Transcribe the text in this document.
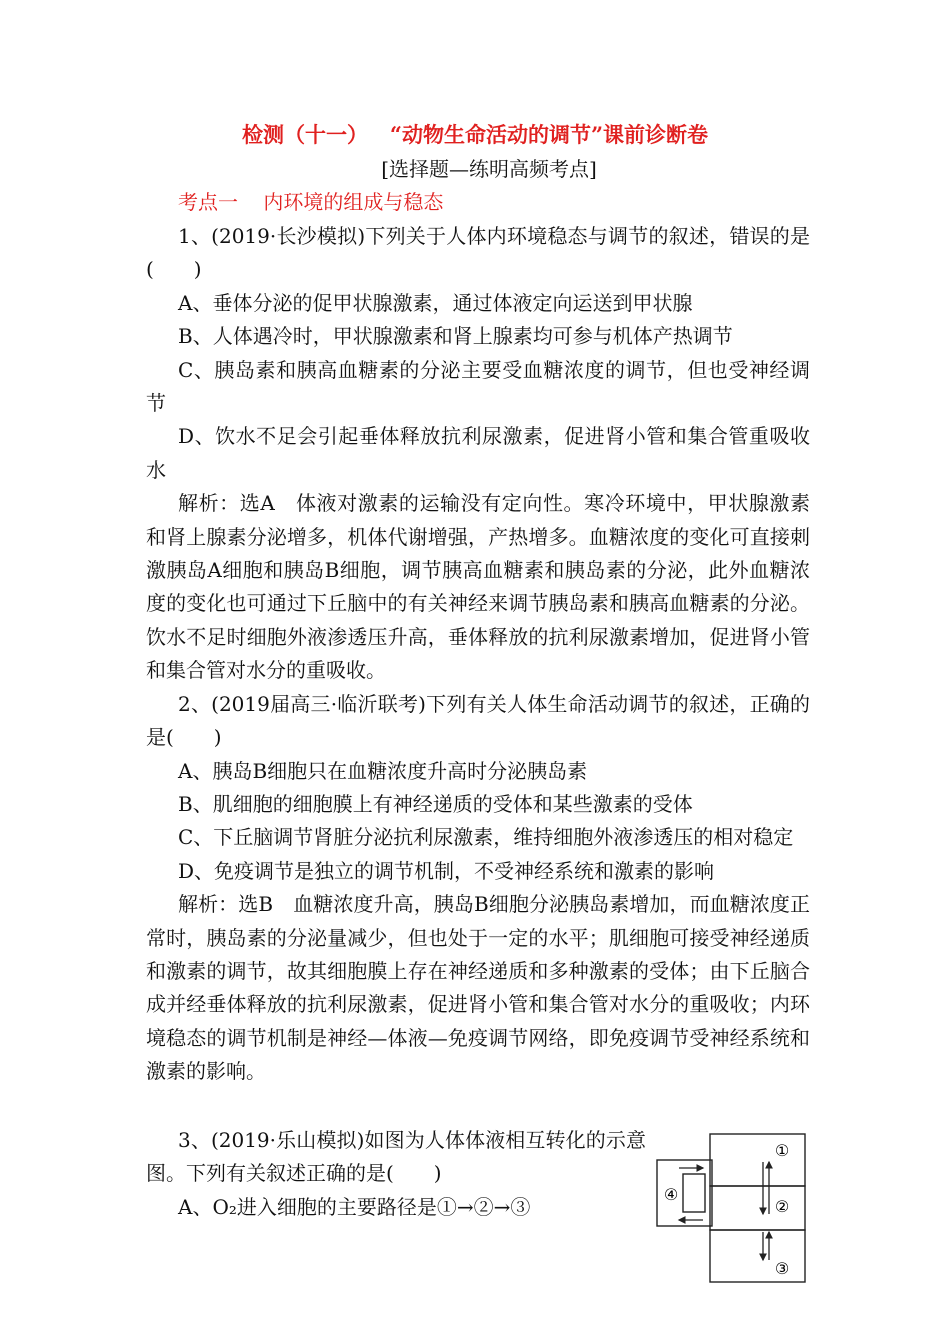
检测（十一）   “动物生命活动的调节”课前诊断卷
[选择题—练明高频考点]
考点一    内环境的组成与稳态

1、(2019·长沙模拟)下列关于人体内环境稳态与调节的叙述，错误的是(　　)

A、垂体分泌的促甲状腺激素，通过体液定向运送到甲状腺

B、人体遇冷时，甲状腺激素和肾上腺素均可参与机体产热调节

C、胰岛素和胰高血糖素的分泌主要受血糖浓度的调节，但也受神经调节

D、饮水不足会引起垂体释放抗利尿激素，促进肾小管和集合管重吸收水

解析：选A　体液对激素的运输没有定向性。寒冷环境中，甲状腺激素和肾上腺素分泌增多，机体代谢增强，产热增多。血糖浓度的变化可直接刺激胰岛A细胞和胰岛B细胞，调节胰高血糖素和胰岛素的分泌，此外血糖浓度的变化也可通过下丘脑中的有关神经来调节胰岛素和胰高血糖素的分泌。饮水不足时细胞外液渗透压升高，垂体释放的抗利尿激素增加，促进肾小管和集合管对水分的重吸收。

2、(2019届高三·临沂联考)下列有关人体生命活动调节的叙述，正确的是(　　)

A、胰岛B细胞只在血糖浓度升高时分泌胰岛素

B、肌细胞的细胞膜上有神经递质的受体和某些激素的受体

C、下丘脑调节肾脏分泌抗利尿激素，维持细胞外液渗透压的相对稳定

D、免疫调节是独立的调节机制，不受神经系统和激素的影响

解析：选B　血糖浓度升高，胰岛B细胞分泌胰岛素增加，而血糖浓度正常时，胰岛素的分泌量减少，但也处于一定的水平；肌细胞可接受神经递质和激素的调节，故其细胞膜上存在神经递质和多种激素的受体；由下丘脑合成并经垂体释放的抗利尿激素，促进肾小管和集合管对水分的重吸收；内环境稳态的调节机制是神经—体液—免疫调节网络，即免疫调节受神经系统和激素的影响。

3、(2019·乐山模拟)如图为人体体液相互转化的示意图。下列有关叙述正确的是(　　)

A、O₂进入细胞的主要路径是①→②→③

①
②
③
④
